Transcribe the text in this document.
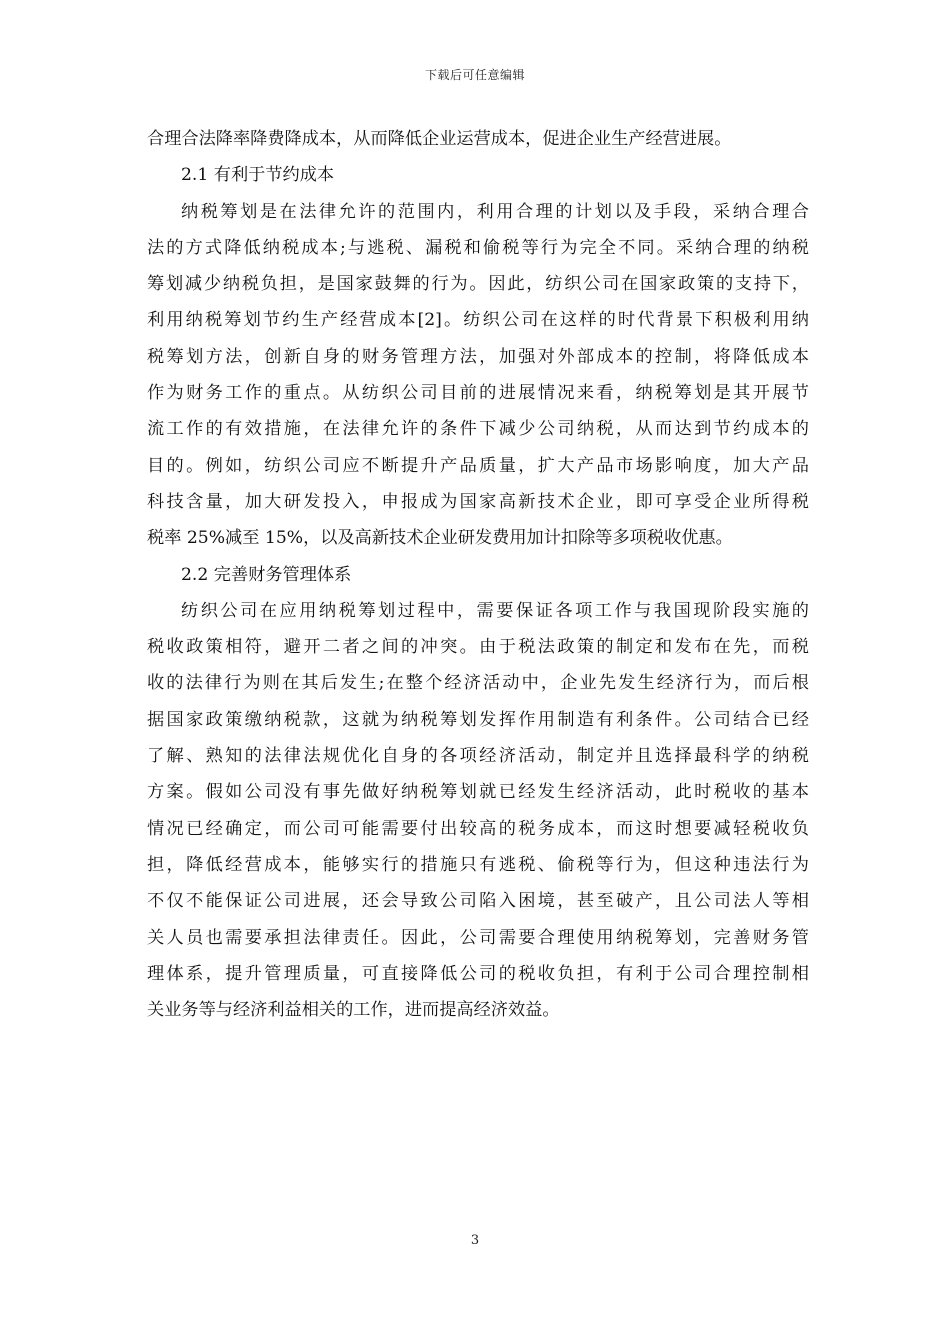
下载后可任意编辑
合理合法降率降费降成本，从而降低企业运营成本，促进企业生产经营进展。
2.1 有利于节约成本
纳税筹划是在法律允许的范围内，利用合理的计划以及手段，采纳合理合
法的方式降低纳税成本;与逃税、漏税和偷税等行为完全不同。采纳合理的纳税
筹划减少纳税负担，是国家鼓舞的行为。因此，纺织公司在国家政策的支持下，
利用纳税筹划节约生产经营成本[2]。纺织公司在这样的时代背景下积极利用纳
税筹划方法，创新自身的财务管理方法，加强对外部成本的控制，将降低成本
作为财务工作的重点。从纺织公司目前的进展情况来看，纳税筹划是其开展节
流工作的有效措施，在法律允许的条件下减少公司纳税，从而达到节约成本的
目的。例如，纺织公司应不断提升产品质量，扩大产品市场影响度，加大产品
科技含量，加大研发投入，申报成为国家高新技术企业，即可享受企业所得税
税率 25%减至 15%，以及高新技术企业研发费用加计扣除等多项税收优惠。
2.2 完善财务管理体系
纺织公司在应用纳税筹划过程中，需要保证各项工作与我国现阶段实施的
税收政策相符，避开二者之间的冲突。由于税法政策的制定和发布在先，而税
收的法律行为则在其后发生;在整个经济活动中，企业先发生经济行为，而后根
据国家政策缴纳税款，这就为纳税筹划发挥作用制造有利条件。公司结合已经
了解、熟知的法律法规优化自身的各项经济活动，制定并且选择最科学的纳税
方案。假如公司没有事先做好纳税筹划就已经发生经济活动，此时税收的基本
情况已经确定，而公司可能需要付出较高的税务成本，而这时想要减轻税收负
担，降低经营成本，能够实行的措施只有逃税、偷税等行为，但这种违法行为
不仅不能保证公司进展，还会导致公司陷入困境，甚至破产，且公司法人等相
关人员也需要承担法律责任。因此，公司需要合理使用纳税筹划，完善财务管
理体系，提升管理质量，可直接降低公司的税收负担，有利于公司合理控制相
关业务等与经济利益相关的工作，进而提高经济效益。
3
